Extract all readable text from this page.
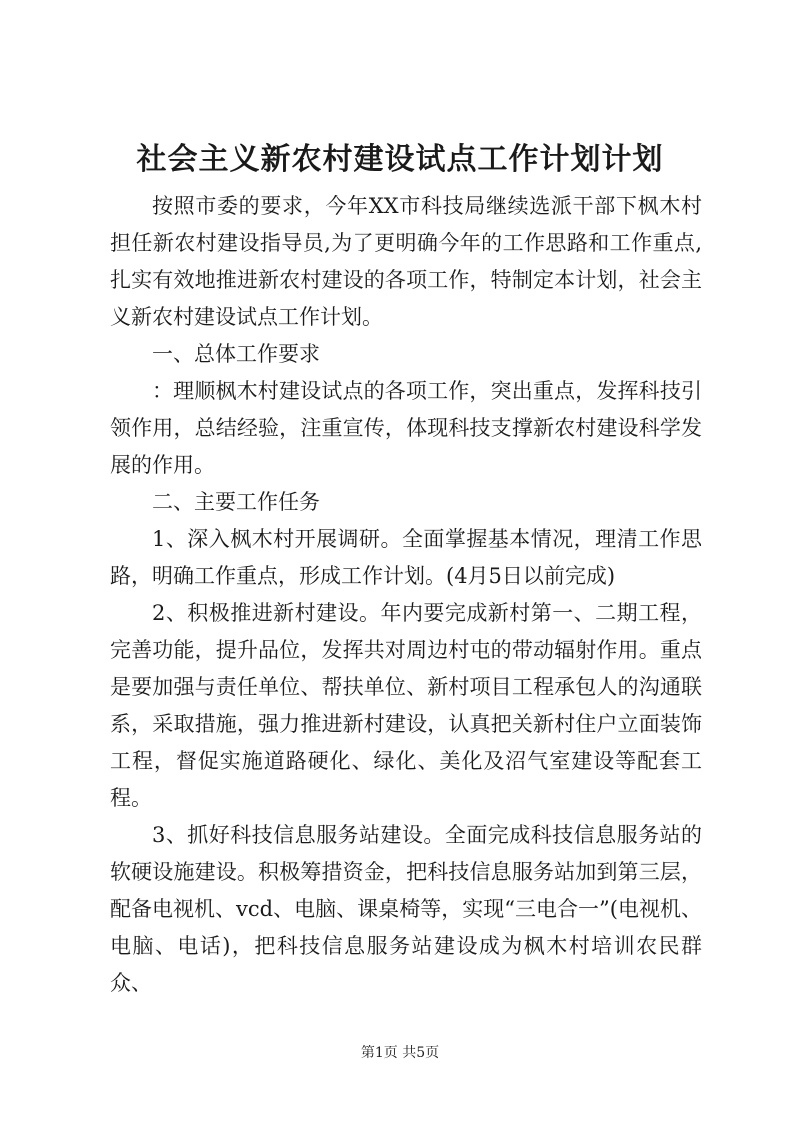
社会主义新农村建设试点工作计划计划

按照市委的要求，今年XX市科技局继续选派干部下枫木村担任新农村建设指导员,为了更明确今年的工作思路和工作重点,扎实有效地推进新农村建设的各项工作，特制定本计划，社会主义新农村建设试点工作计划。

一、总体工作要求

：理顺枫木村建设试点的各项工作，突出重点，发挥科技引领作用，总结经验，注重宣传，体现科技支撑新农村建设科学发展的作用。

二、主要工作任务

1、深入枫木村开展调研。全面掌握基本情况，理清工作思路，明确工作重点，形成工作计划。(4月5日以前完成)

2、积极推进新村建设。年内要完成新村第一、二期工程，完善功能，提升品位，发挥共对周边村屯的带动辐射作用。重点是要加强与责任单位、帮扶单位、新村项目工程承包人的沟通联系，采取措施，强力推进新村建设，认真把关新村住户立面装饰工程，督促实施道路硬化、绿化、美化及沼气室建设等配套工程。

3、抓好科技信息服务站建设。全面完成科技信息服务站的软硬设施建设。积极筹措资金，把科技信息服务站加到第三层，配备电视机、vcd、电脑、课桌椅等，实现“三电合一”(电视机、电脑、电话)，把科技信息服务站建设成为枫木村培训农民群众、

第1页 共5页
